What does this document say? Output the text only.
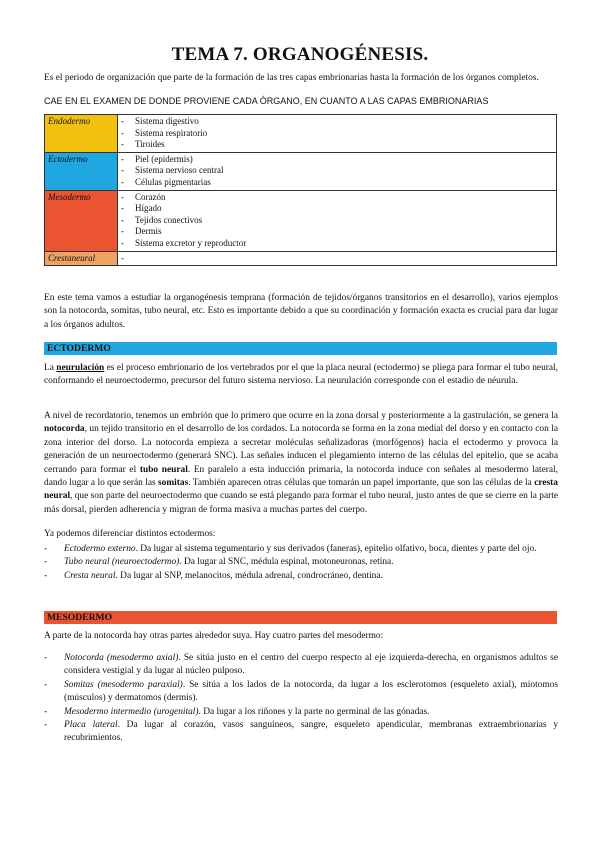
TEMA 7. ORGANOGÉNESIS.
Es el periodo de organización que parte de la formación de las tres capas embrionarias hasta la formación de los órganos completos.
CAE EN EL EXAMEN DE DONDE PROVIENE CADA ÓRGANO, EN CUANTO A LAS CAPAS EMBRIONARIAS
Endodermo	- Sistema digestivo
- Sistema respiratorio
- Tiroides

Ectodermo	- Piel (epidermis)
- Sistema nervioso central
- Células pigmentarias

Mesodermo	- Corazón
- Hígado
- Tejidos conectivos
- Dermis
- Sistema excretor y reproductor

Crestaneural	
En este tema vamos a estudiar la organogénesis temprana (formación de tejidos/órganos transitorios en el desarrollo), varios ejemplos son la notocorda, somitas, tubo neural, etc. Esto es importante debido a que su coordinación y formación exacta es crucial para dar lugar a los órganos adultos.
ECTODERMO
La neurulación es el proceso embrionario de los vertebrados por el que la placa neural (ectodermo) se pliega para formar el tubo neural, conformando el neuroectodermo, precursor del futuro sistema nervioso. La neurulación corresponde con el estadio de néurula.
A nivel de recordatorio, tenemos un embrión que lo primero que ocurre en la zona dorsal y posteriormente a la gastrulación, se genera la notocorda, un tejido transitorio en el desarrollo de los cordados. La notocorda se forma en la zona medial del dorso y en contacto con la zona interior del dorso. La notocorda empieza a secretar moléculas señalizadoras (morfógenos) hacia el ectodermo y provoca la generación de un neuroectodermo (generará SNC). Las señales inducen el plegamiento interno de las células del epitelio, que se acaba cerrando para formar el tubo neural. En paralelo a esta inducción primaria, la notocorda induce con señales al mesodermo lateral, dando lugar a lo que serán las somitas. También aparecen otras células que tomarán un papel importante, que son las células de la cresta neural, que son parte del neuroectodermo que cuando se está plegando para formar el tubo neural, justo antes de que se cierre en la parte más dorsal, pierden adherencia y migran de forma masiva a muchas partes del cuerpo.
Ya podemos diferenciar distintos ectodermos:
- Ectodermo externo. Da lugar al sistema tegumentario y sus derivados (faneras), epitelio olfativo, boca, dientes y parte del ojo.
- Tubo neural (neuroectodermo). Da lugar al SNC, médula espinal, motoneuronas, retina.
- Cresta neural. Da lugar al SNP, melanocitos, médula adrenal, condrocráneo, dentina.
MESODERMO
A parte de la notocorda hay otras partes alrededor suya. Hay cuatro partes del mesodermo:
- Notocorda (mesodermo axial). Se sitúa justo en el centro del cuerpo respecto al eje izquierda-derecha, en organismos adultos se considera vestigial y da lugar al núcleo pulposo.
- Somitas (mesodermo paraxial). Se sitúa a los lados de la notocorda, da lugar a los esclerotomos (esqueleto axial), miotomos (músculos) y dermatomos (dermis).
- Mesodermo intermedio (urogenital). Da lugar a los riñones y la parte no germinal de las gónadas.
- Placa lateral. Da lugar al corazón, vasos sanguíneos, sangre, esqueleto apendicular, membranas extraembrionarias y recubrimientos.
